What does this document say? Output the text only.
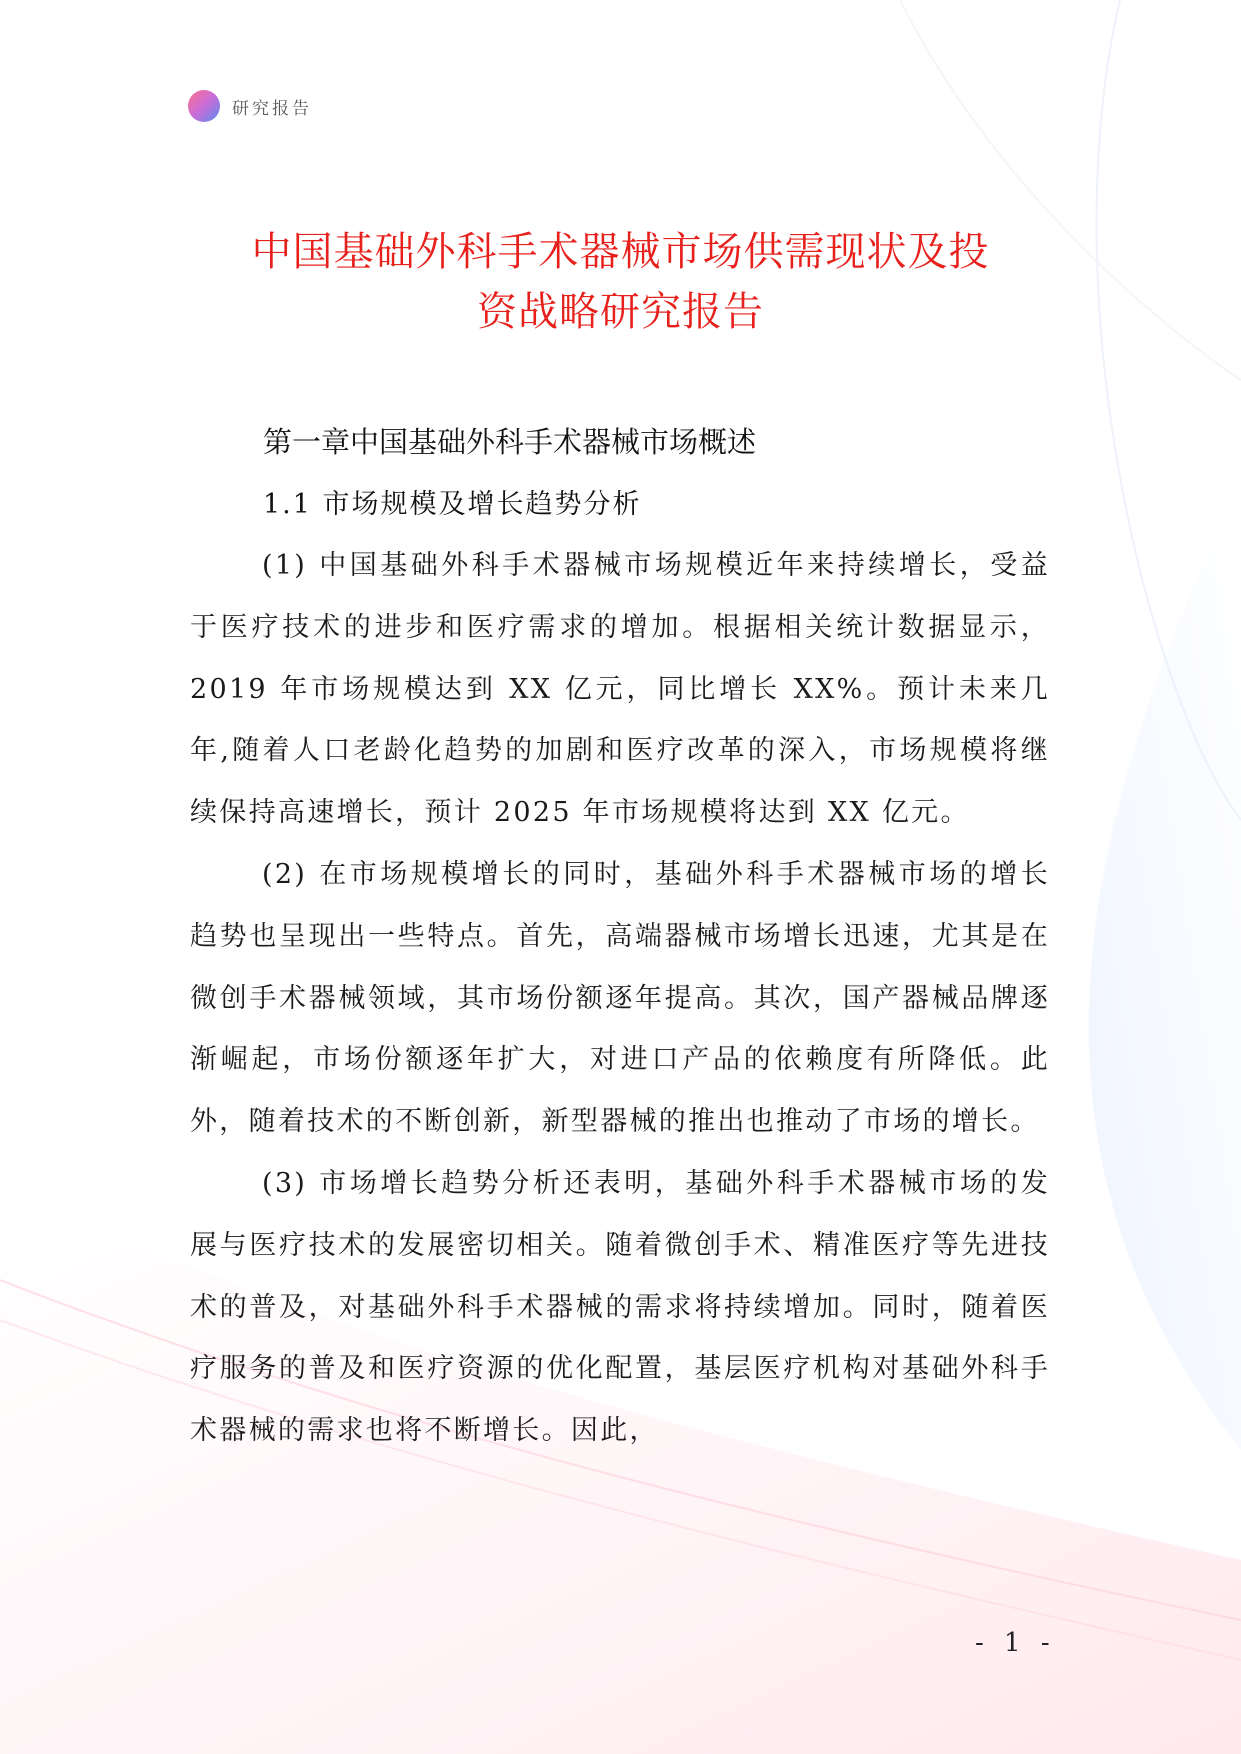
研究报告
中国基础外科手术器械市场供需现状及投
资战略研究报告
第一章中国基础外科手术器械市场概述
1.1 市场规模及增长趋势分析

(1) 中国基础外科手术器械市场规模近年来持续增长，受益于医疗技术的进步和医疗需求的增加。根据相关统计数据显示，2019 年市场规模达到 XX 亿元，同比增长 XX%。预计未来几年,随着人口老龄化趋势的加剧和医疗改革的深入，市场规模将继续保持高速增长，预计 2025 年市场规模将达到 XX 亿元。

(2) 在市场规模增长的同时，基础外科手术器械市场的增长趋势也呈现出一些特点。首先，高端器械市场增长迅速，尤其是在微创手术器械领域，其市场份额逐年提高。其次，国产器械品牌逐渐崛起，市场份额逐年扩大，对进口产品的依赖度有所降低。此外，随着技术的不断创新，新型器械的推出也推动了市场的增长。

(3) 市场增长趋势分析还表明，基础外科手术器械市场的发展与医疗技术的发展密切相关。随着微创手术、精准医疗等先进技术的普及，对基础外科手术器械的需求将持续增加。同时，随着医疗服务的普及和医疗资源的优化配置，基层医疗机构对基础外科手术器械的需求也将不断增长。因此，

- 1 -
